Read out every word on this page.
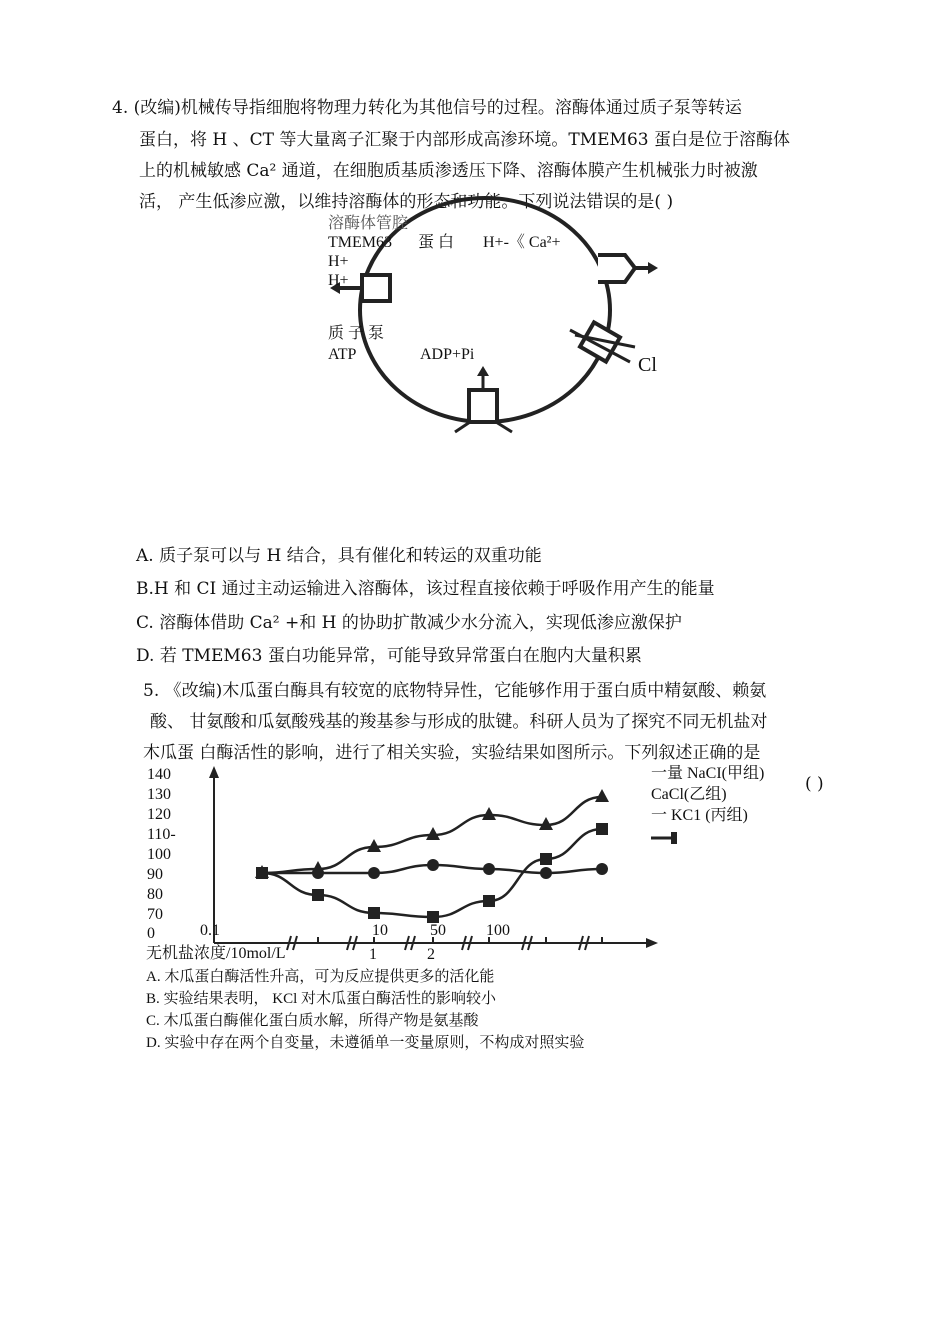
4. (改编)机械传导指细胞将物理力转化为其他信号的过程。溶酶体通过质子泵等转运
蛋白，将 H 、CT 等大量离子汇聚于内部形成高渗环境。TMEM63 蛋白是位于溶酶体
上的机械敏感 Ca² 通道，在细胞质基质渗透压下降、溶酶体膜产生机械张力时被激
活， 产生低渗应激，以维持溶酶体的形态和功能。下列说法错误的是( )
溶酶体管腔
TMEM63 蛋 白 H+-《 Ca²+
H+
H+
质 子 泵
ATP	ADP+Pi	Cl
A. 质子泵可以与 H 结合，具有催化和转运的双重功能
B.H 和 CI 通过主动运输进入溶酶体，该过程直接依赖于呼吸作用产生的能量
C. 溶酶体借助 Ca² +和 H 的协助扩散减少水分流入，实现低渗应激保护
D. 若 TMEM63 蛋白功能异常，可能导致异常蛋白在胞内大量积累
5. 《改编)木瓜蛋白酶具有较宽的底物特异性，它能够作用于蛋白质中精氨酸、赖氨
酸、 甘氨酸和瓜氨酸残基的羧基参与形成的肽键。科研人员为了探究不同无机盐对
木瓜蛋 白酶活性的影响，进行了相关实验，实验结果如图所示。下列叙述正确的是
( )
140
130
120
110-
100
90
80
70
0	0.1	10	50	100
1	2
无机盐浓度/10mol/L
一量 NaCI(甲组)
CaCl(乙组)
一 KC1 (丙组)
A. 木瓜蛋白酶活性升高，可为反应提供更多的活化能
B. 实验结果表明， KCl 对木瓜蛋白酶活性的影响较小
C. 木瓜蛋白酶催化蛋白质水解，所得产物是氨基酸
D. 实验中存在两个自变量，未遵循单一变量原则，不构成对照实验
